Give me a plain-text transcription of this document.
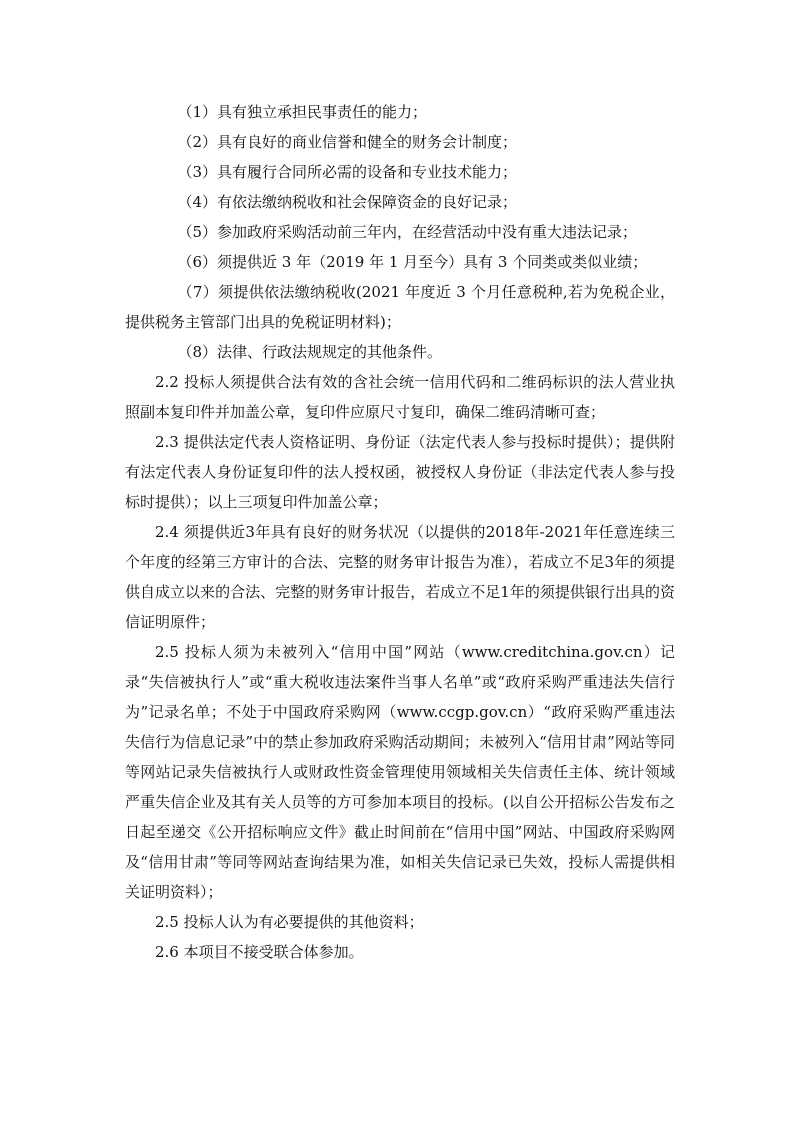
（1）具有独立承担民事责任的能力；

（2）具有良好的商业信誉和健全的财务会计制度；

（3）具有履行合同所必需的设备和专业技术能力；

（4）有依法缴纳税收和社会保障资金的良好记录；

（5）参加政府采购活动前三年内，在经营活动中没有重大违法记录；

（6）须提供近 3 年（2019 年 1 月至今）具有 3 个同类或类似业绩；

（7）须提供依法缴纳税收(2021 年度近 3 个月任意税种,若为免税企业，提供税务主管部门出具的免税证明材料)；

（8）法律、行政法规规定的其他条件。

2.2 投标人须提供合法有效的含社会统一信用代码和二维码标识的法人营业执照副本复印件并加盖公章，复印件应原尺寸复印，确保二维码清晰可查；

2.3 提供法定代表人资格证明、身份证（法定代表人参与投标时提供）；提供附有法定代表人身份证复印件的法人授权函，被授权人身份证（非法定代表人参与投标时提供）；以上三项复印件加盖公章；

2.4 须提供近3年具有良好的财务状况（以提供的2018年-2021年任意连续三个年度的经第三方审计的合法、完整的财务审计报告为准），若成立不足3年的须提供自成立以来的合法、完整的财务审计报告，若成立不足1年的须提供银行出具的资信证明原件；

2.5 投标人须为未被列入“信用中国”网站（www.creditchina.gov.cn）记录“失信被执行人”或“重大税收违法案件当事人名单”或“政府采购严重违法失信行为”记录名单；不处于中国政府采购网（www.ccgp.gov.cn）“政府采购严重违法失信行为信息记录”中的禁止参加政府采购活动期间；未被列入“信用甘肃”网站等同等网站记录失信被执行人或财政性资金管理使用领域相关失信责任主体、统计领域严重失信企业及其有关人员等的方可参加本项目的投标。(以自公开招标公告发布之日起至递交《公开招标响应文件》截止时间前在“信用中国”网站、中国政府采购网及“信用甘肃”等同等网站查询结果为准，如相关失信记录已失效，投标人需提供相关证明资料）；

2.5 投标人认为有必要提供的其他资料；

2.6 本项目不接受联合体参加。
